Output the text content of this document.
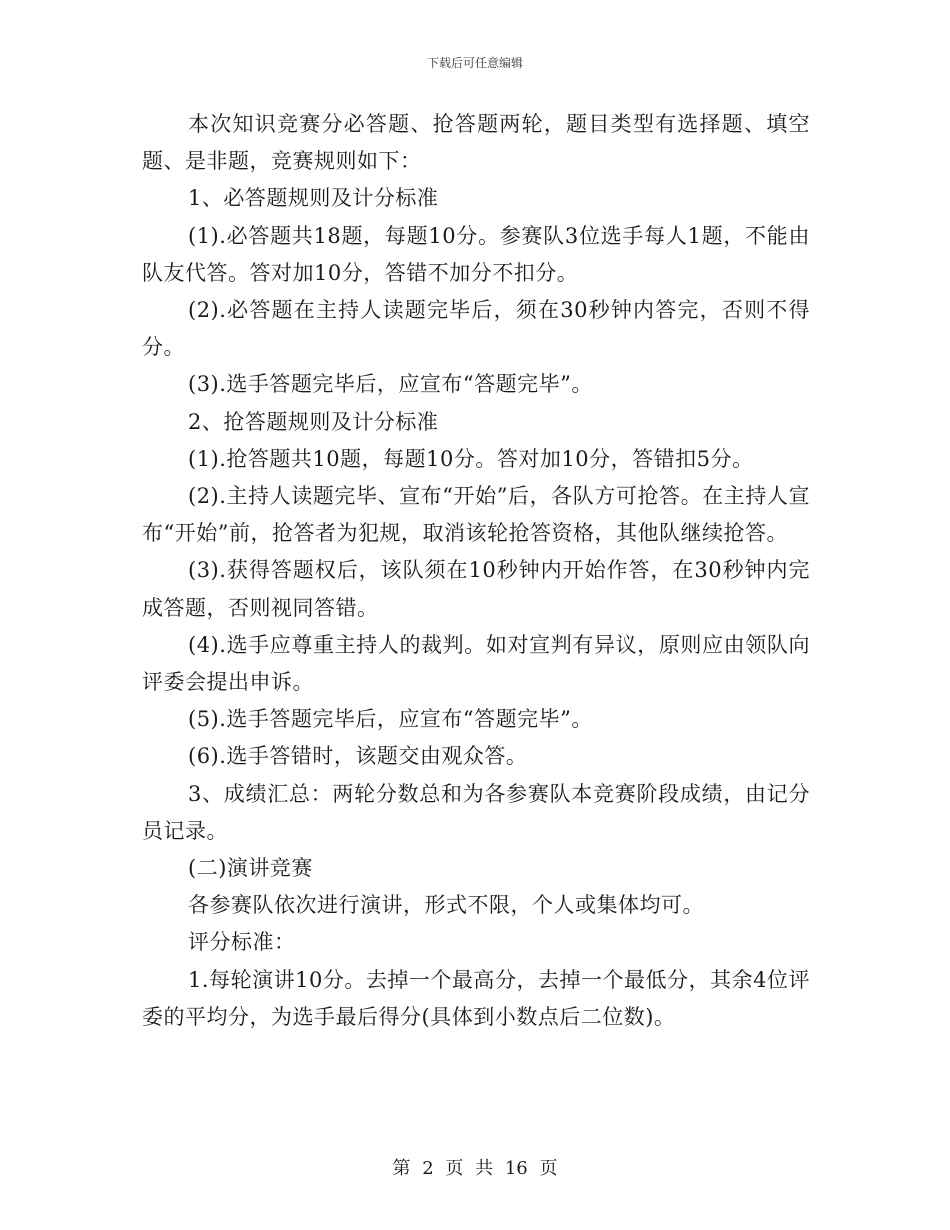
下载后可任意编辑

本次知识竞赛分必答题、抢答题两轮，题目类型有选择题、填空题、是非题，竞赛规则如下：

1、必答题规则及计分标准

(1).必答题共18题，每题10分。参赛队3位选手每人1题，不能由队友代答。答对加10分，答错不加分不扣分。

(2).必答题在主持人读题完毕后，须在30秒钟内答完，否则不得分。

(3).选手答题完毕后，应宣布“答题完毕”。

2、抢答题规则及计分标准

(1).抢答题共10题，每题10分。答对加10分，答错扣5分。

(2).主持人读题完毕、宣布“开始”后，各队方可抢答。在主持人宣布“开始”前，抢答者为犯规，取消该轮抢答资格，其他队继续抢答。

(3).获得答题权后，该队须在10秒钟内开始作答，在30秒钟内完成答题，否则视同答错。

(4).选手应尊重主持人的裁判。如对宣判有异议，原则应由领队向评委会提出申诉。

(5).选手答题完毕后，应宣布“答题完毕”。

(6).选手答错时，该题交由观众答。

3、成绩汇总：两轮分数总和为各参赛队本竞赛阶段成绩，由记分员记录。

(二)演讲竞赛

各参赛队依次进行演讲，形式不限，个人或集体均可。

评分标准：

1.每轮演讲10分。去掉一个最高分，去掉一个最低分，其余4位评委的平均分，为选手最后得分(具体到小数点后二位数)。

第 2 页 共 16 页
